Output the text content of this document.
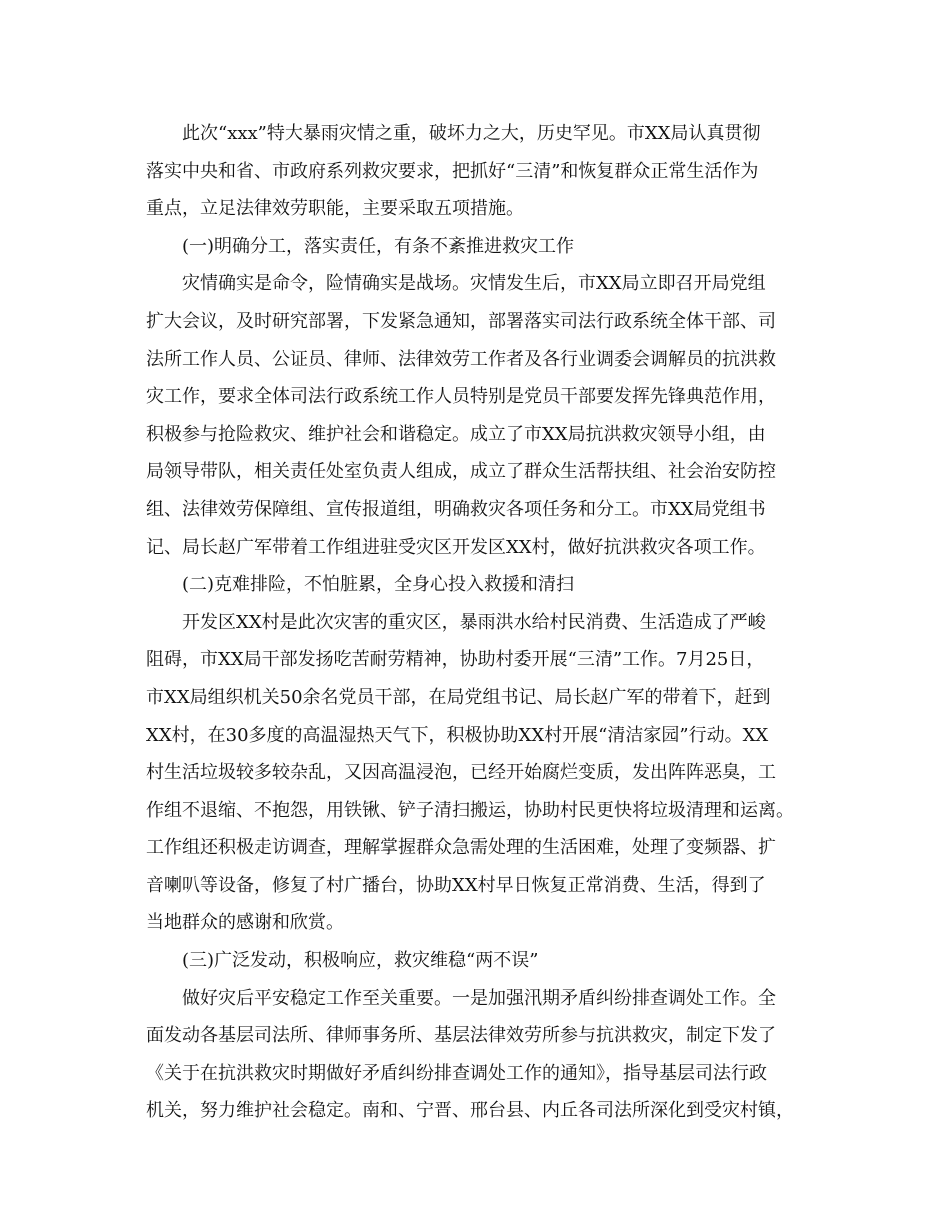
此次“xxx”特大暴雨灾情之重，破坏力之大，历史罕见。市XX局认真贯彻
落实中央和省、市政府系列救灾要求，把抓好“三清”和恢复群众正常生活作为
重点，立足法律效劳职能，主要采取五项措施。
(一)明确分工，落实责任，有条不紊推进救灾工作
灾情确实是命令，险情确实是战场。灾情发生后，市XX局立即召开局党组
扩大会议，及时研究部署，下发紧急通知，部署落实司法行政系统全体干部、司
法所工作人员、公证员、律师、法律效劳工作者及各行业调委会调解员的抗洪救
灾工作，要求全体司法行政系统工作人员特别是党员干部要发挥先锋典范作用，
积极参与抢险救灾、维护社会和谐稳定。成立了市XX局抗洪救灾领导小组，由
局领导带队，相关责任处室负责人组成，成立了群众生活帮扶组、社会治安防控
组、法律效劳保障组、宣传报道组，明确救灾各项任务和分工。市XX局党组书
记、局长赵广军带着工作组进驻受灾区开发区XX村，做好抗洪救灾各项工作。
(二)克难排险，不怕脏累，全身心投入救援和清扫
开发区XX村是此次灾害的重灾区，暴雨洪水给村民消费、生活造成了严峻
阻碍，市XX局干部发扬吃苦耐劳精神，协助村委开展“三清”工作。7月25日，
市XX局组织机关50余名党员干部，在局党组书记、局长赵广军的带着下，赶到
XX村，在30多度的高温湿热天气下，积极协助XX村开展“清洁家园”行动。XX
村生活垃圾较多较杂乱，又因高温浸泡，已经开始腐烂变质，发出阵阵恶臭，工
作组不退缩、不抱怨，用铁锹、铲子清扫搬运，协助村民更快将垃圾清理和运离。
工作组还积极走访调查，理解掌握群众急需处理的生活困难，处理了变频器、扩
音喇叭等设备，修复了村广播台，协助XX村早日恢复正常消费、生活，得到了
当地群众的感谢和欣赏。
(三)广泛发动，积极响应，救灾维稳“两不误”
做好灾后平安稳定工作至关重要。一是加强汛期矛盾纠纷排查调处工作。全
面发动各基层司法所、律师事务所、基层法律效劳所参与抗洪救灾，制定下发了
《关于在抗洪救灾时期做好矛盾纠纷排查调处工作的通知》，指导基层司法行政
机关，努力维护社会稳定。南和、宁晋、邢台县、内丘各司法所深化到受灾村镇，
